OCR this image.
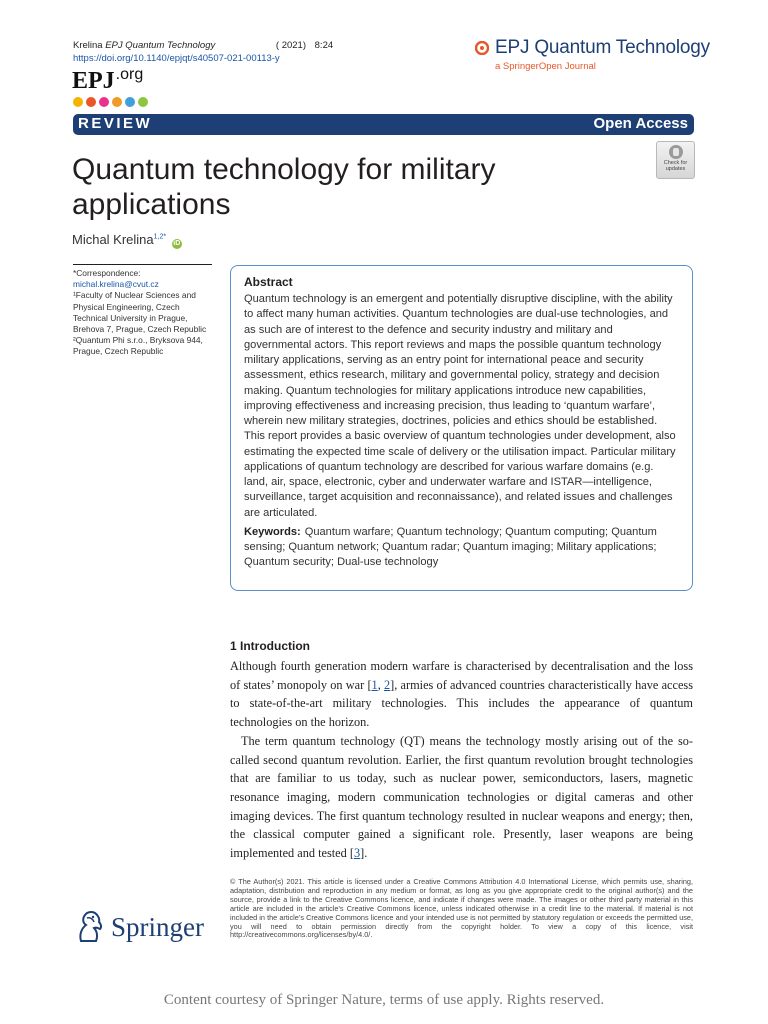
Krelina EPJ Quantum Technology	( 2021) 8:24
https://doi.org/10.1140/epjqt/s40507-021-00113-y
EPJ.org
EPJ Quantum Technology
a SpringerOpen Journal
REVIEW	Open Access
Check for
updates
Quantum technology for military applications
Michal Krelina$^{1,2*}$ iD
*Correspondence:
michal.krelina@cvut.cz
¹Faculty of Nuclear Sciences and Physical Engineering, Czech Technical University in Prague, Brehova 7, Prague, Czech Republic
²Quantum Phi s.r.o., Bryksova 944, Prague, Czech Republic
Abstract

Quantum technology is an emergent and potentially disruptive discipline, with the ability to affect many human activities. Quantum technologies are dual-use technologies, and as such are of interest to the defence and security industry and military and governmental actors. This report reviews and maps the possible quantum technology military applications, serving as an entry point for international peace and security assessment, ethics research, military and governmental policy, strategy and decision making. Quantum technologies for military applications introduce new capabilities, improving effectiveness and increasing precision, thus leading to ‘quantum warfare’, wherein new military strategies, doctrines, policies and ethics should be established. This report provides a basic overview of quantum technologies under development, also estimating the expected time scale of delivery or the utilisation impact. Particular military applications of quantum technology are described for various warfare domains (e.g. land, air, space, electronic, cyber and underwater warfare and ISTAR—intelligence, surveillance, target acquisition and reconnaissance), and related issues and challenges are articulated.

Keywords: Quantum warfare; Quantum technology; Quantum computing; Quantum sensing; Quantum network; Quantum radar; Quantum imaging; Military applications; Quantum security; Dual-use technology

1 Introduction

Although fourth generation modern warfare is characterised by decentralisation and the loss of states’ monopoly on war [1, 2], armies of advanced countries characteristically have access to state-of-the-art military technologies. This includes the appearance of quantum technologies on the horizon.

The term quantum technology (QT) means the technology mostly arising out of the so-called second quantum revolution. Earlier, the first quantum revolution brought technologies that are familiar to us today, such as nuclear power, semiconductors, lasers, magnetic resonance imaging, modern communication technologies or digital cameras and other imaging devices. The first quantum technology resulted in nuclear weapons and energy; then, the classical computer gained a significant role. Presently, laser weapons are being implemented and tested [3].

© The Author(s) 2021. This article is licensed under a Creative Commons Attribution 4.0 International License, which permits use, sharing, adaptation, distribution and reproduction in any medium or format, as long as you give appropriate credit to the original author(s) and the source, provide a link to the Creative Commons licence, and indicate if changes were made. The images or other third party material in this article are included in the article’s Creative Commons licence, unless indicated otherwise in a credit line to the material. If material is not included in the article’s Creative Commons licence and your intended use is not permitted by statutory regulation or exceeds the permitted use, you will need to obtain permission directly from the copyright holder. To view a copy of this licence, visit http://creativecommons.org/licenses/by/4.0/.
Springer
Content courtesy of Springer Nature, terms of use apply. Rights reserved.
